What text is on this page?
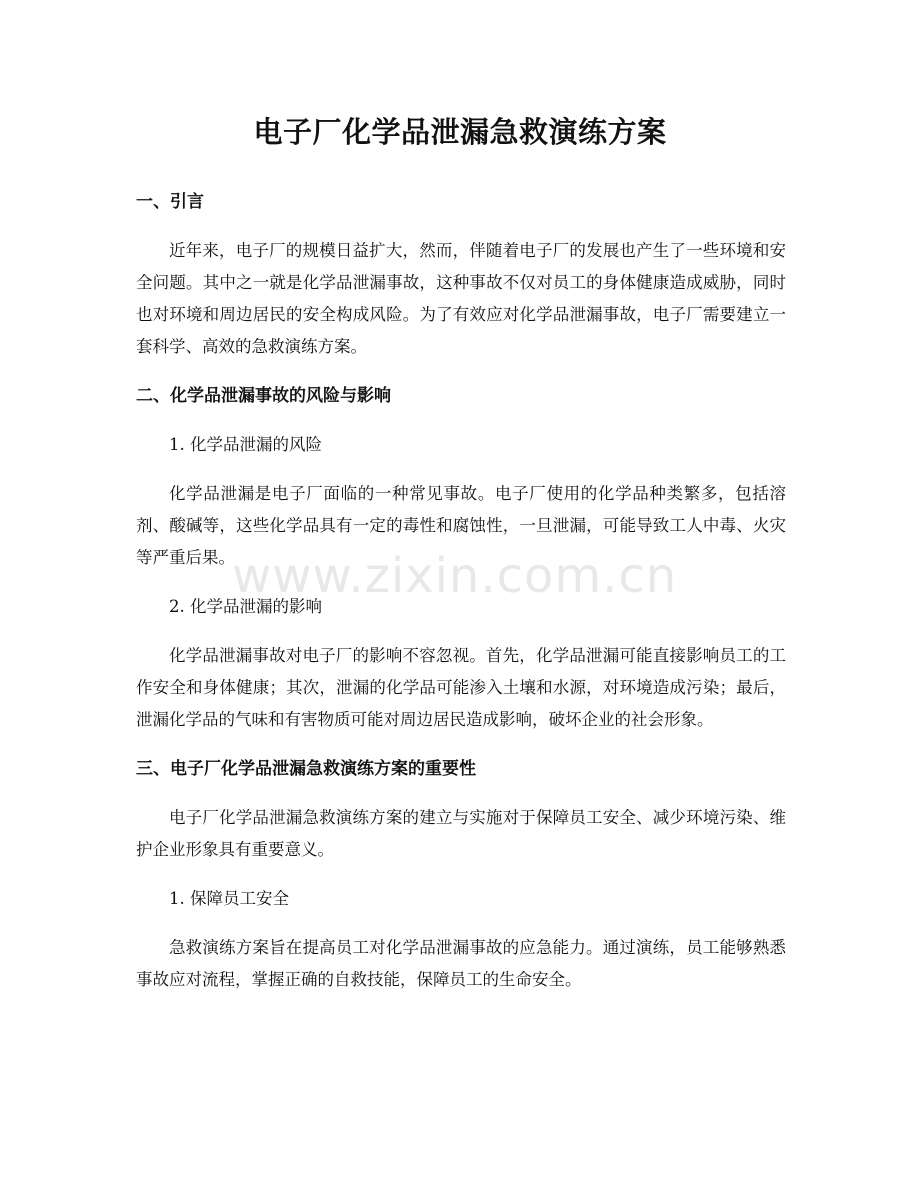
电子厂化学品泄漏急救演练方案
一、引言

近年来，电子厂的规模日益扩大，然而，伴随着电子厂的发展也产生了一些环境和安全问题。其中之一就是化学品泄漏事故，这种事故不仅对员工的身体健康造成威胁，同时也对环境和周边居民的安全构成风险。为了有效应对化学品泄漏事故，电子厂需要建立一套科学、高效的急救演练方案。

二、化学品泄漏事故的风险与影响

1. 化学品泄漏的风险

化学品泄漏是电子厂面临的一种常见事故。电子厂使用的化学品种类繁多，包括溶剂、酸碱等，这些化学品具有一定的毒性和腐蚀性，一旦泄漏，可能导致工人中毒、火灾等严重后果。

2. 化学品泄漏的影响

化学品泄漏事故对电子厂的影响不容忽视。首先，化学品泄漏可能直接影响员工的工作安全和身体健康；其次，泄漏的化学品可能渗入土壤和水源，对环境造成污染；最后，泄漏化学品的气味和有害物质可能对周边居民造成影响，破坏企业的社会形象。

三、电子厂化学品泄漏急救演练方案的重要性

电子厂化学品泄漏急救演练方案的建立与实施对于保障员工安全、减少环境污染、维护企业形象具有重要意义。

1. 保障员工安全

急救演练方案旨在提高员工对化学品泄漏事故的应急能力。通过演练，员工能够熟悉事故应对流程，掌握正确的自救技能，保障员工的生命安全。

www.zixin.com.cn
